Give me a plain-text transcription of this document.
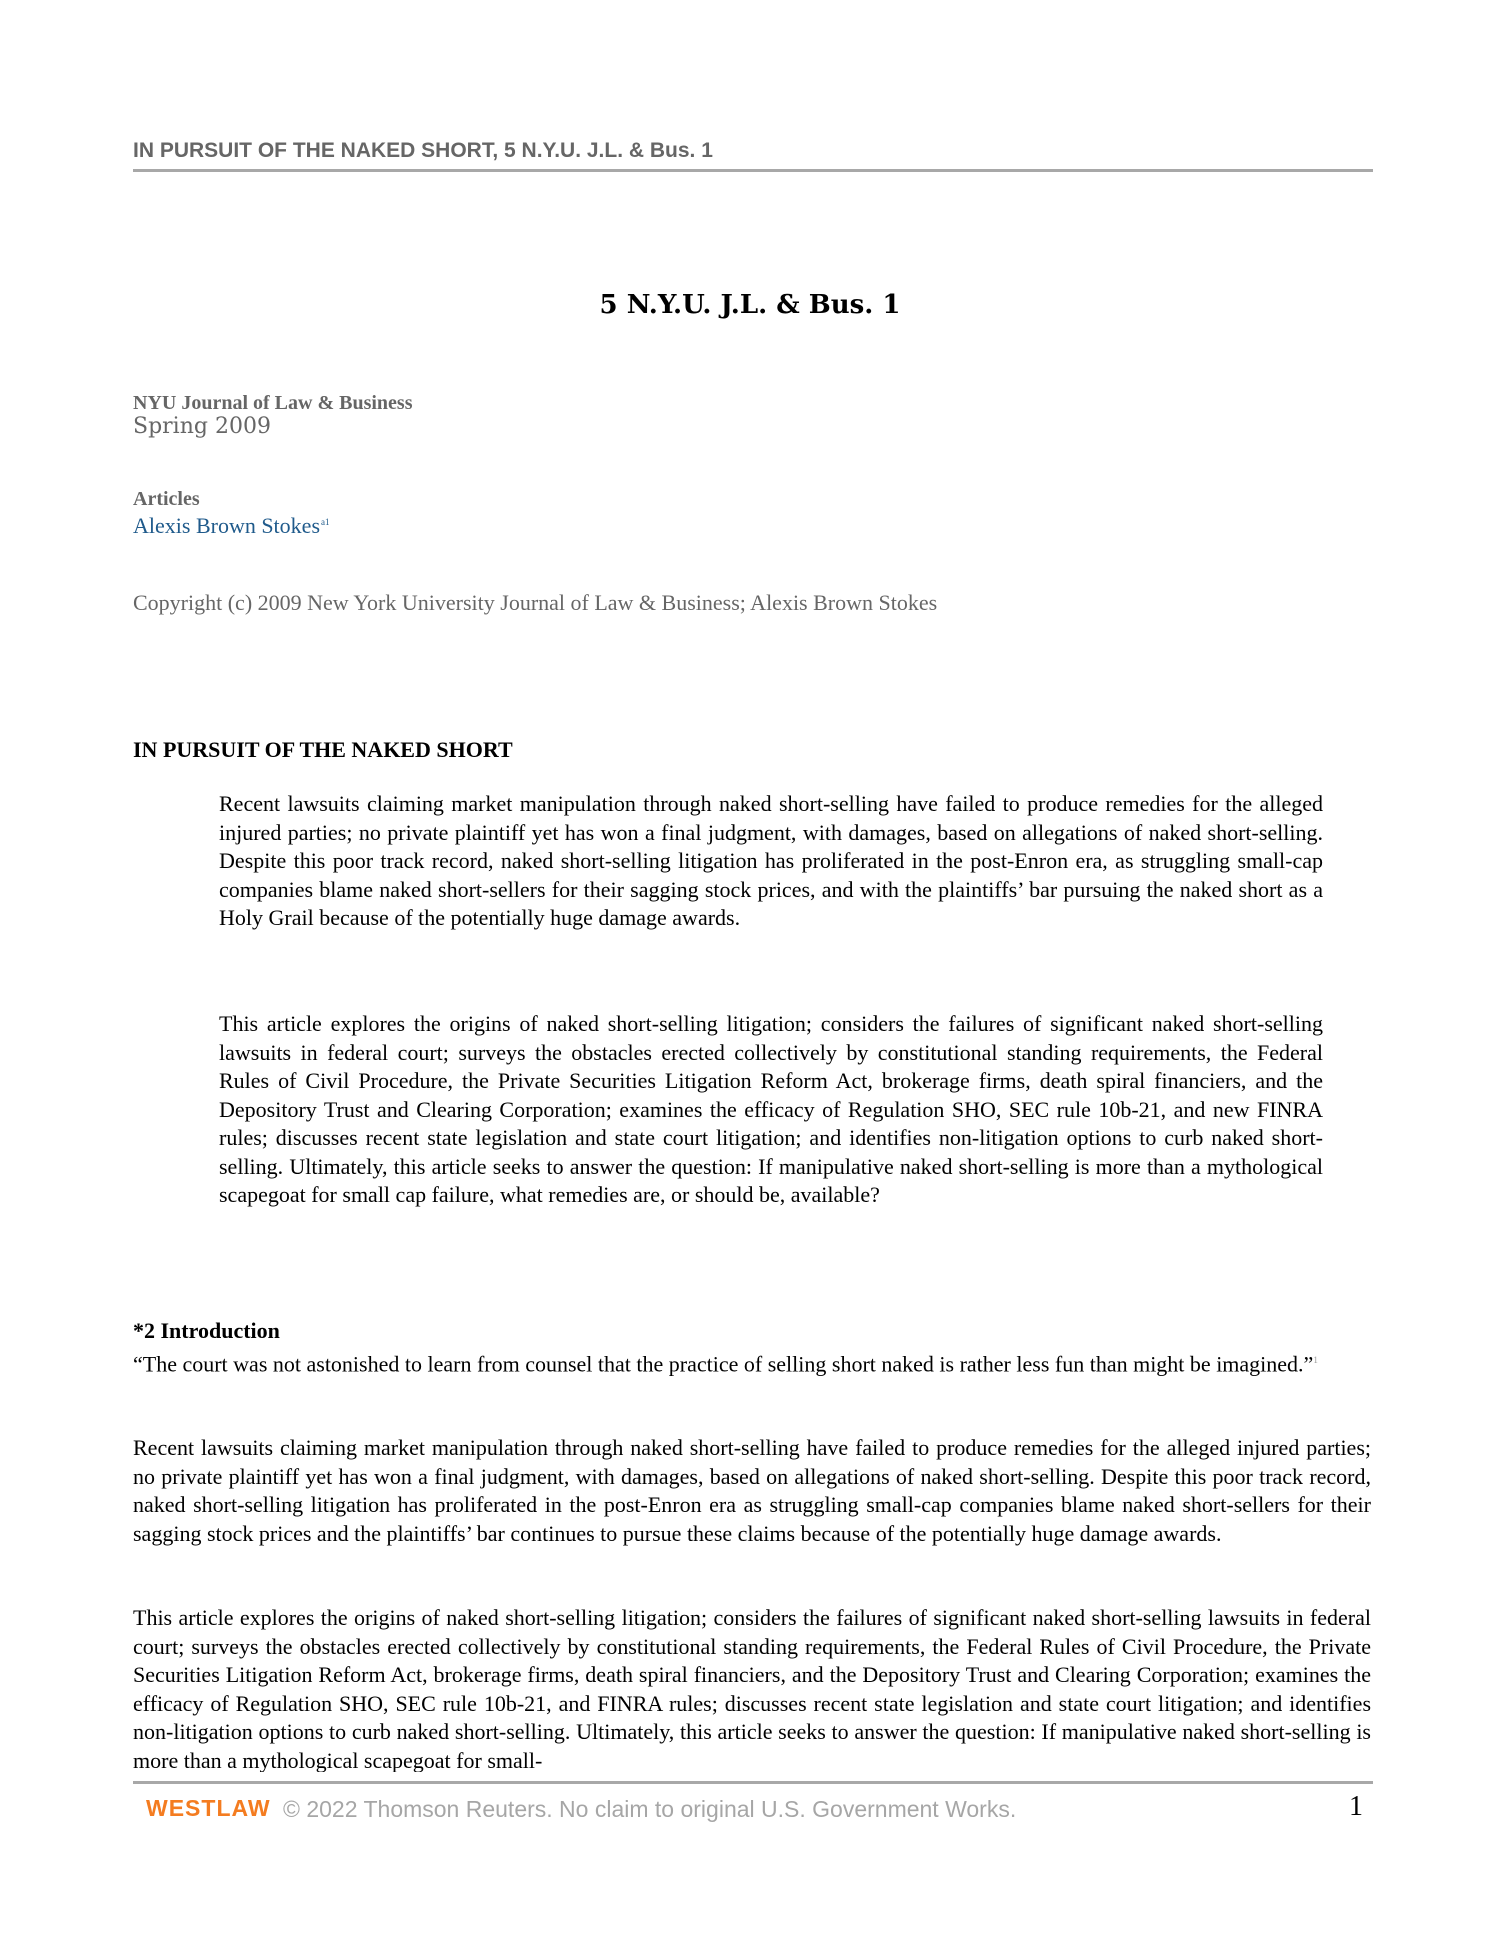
IN PURSUIT OF THE NAKED SHORT, 5 N.Y.U. J.L. & Bus. 1
5 N.Y.U. J.L. & Bus. 1
NYU Journal of Law & Business
Spring 2009
Articles
Alexis Brown Stokes$^{a1}$
Copyright (c) 2009 New York University Journal of Law & Business; Alexis Brown Stokes
IN PURSUIT OF THE NAKED SHORT
Recent lawsuits claiming market manipulation through naked short-selling have failed to produce remedies for the alleged injured parties; no private plaintiff yet has won a final judgment, with damages, based on allegations of naked short-selling. Despite this poor track record, naked short-selling litigation has proliferated in the post-Enron era, as struggling small-cap companies blame naked short-sellers for their sagging stock prices, and with the plaintiffs’ bar pursuing the naked short as a Holy Grail because of the potentially huge damage awards.
This article explores the origins of naked short-selling litigation; considers the failures of significant naked short-selling lawsuits in federal court; surveys the obstacles erected collectively by constitutional standing requirements, the Federal Rules of Civil Procedure, the Private Securities Litigation Reform Act, brokerage firms, death spiral financiers, and the Depository Trust and Clearing Corporation; examines the efficacy of Regulation SHO, SEC rule 10b-21, and new FINRA rules; discusses recent state legislation and state court litigation; and identifies non-litigation options to curb naked short-selling. Ultimately, this article seeks to answer the question: If manipulative naked short-selling is more than a mythological scapegoat for small cap failure, what remedies are, or should be, available?
*2 Introduction
“The court was not astonished to learn from counsel that the practice of selling short naked is rather less fun than might be imagined.”$^1$
Recent lawsuits claiming market manipulation through naked short-selling have failed to produce remedies for the alleged injured parties; no private plaintiff yet has won a final judgment, with damages, based on allegations of naked short-selling. Despite this poor track record, naked short-selling litigation has proliferated in the post-Enron era as struggling small-cap companies blame naked short-sellers for their sagging stock prices and the plaintiffs’ bar continues to pursue these claims because of the potentially huge damage awards.
This article explores the origins of naked short-selling litigation; considers the failures of significant naked short-selling lawsuits in federal court; surveys the obstacles erected collectively by constitutional standing requirements, the Federal Rules of Civil Procedure, the Private Securities Litigation Reform Act, brokerage firms, death spiral financiers, and the Depository Trust and Clearing Corporation; examines the efficacy of Regulation SHO, SEC rule 10b-21, and FINRA rules; discusses recent state legislation and state court litigation; and identifies non-litigation options to curb naked short-selling. Ultimately, this article seeks to answer the question: If manipulative naked short-selling is more than a mythological scapegoat for small-
WESTLAW © 2022 Thomson Reuters. No claim to original U.S. Government Works.	1
